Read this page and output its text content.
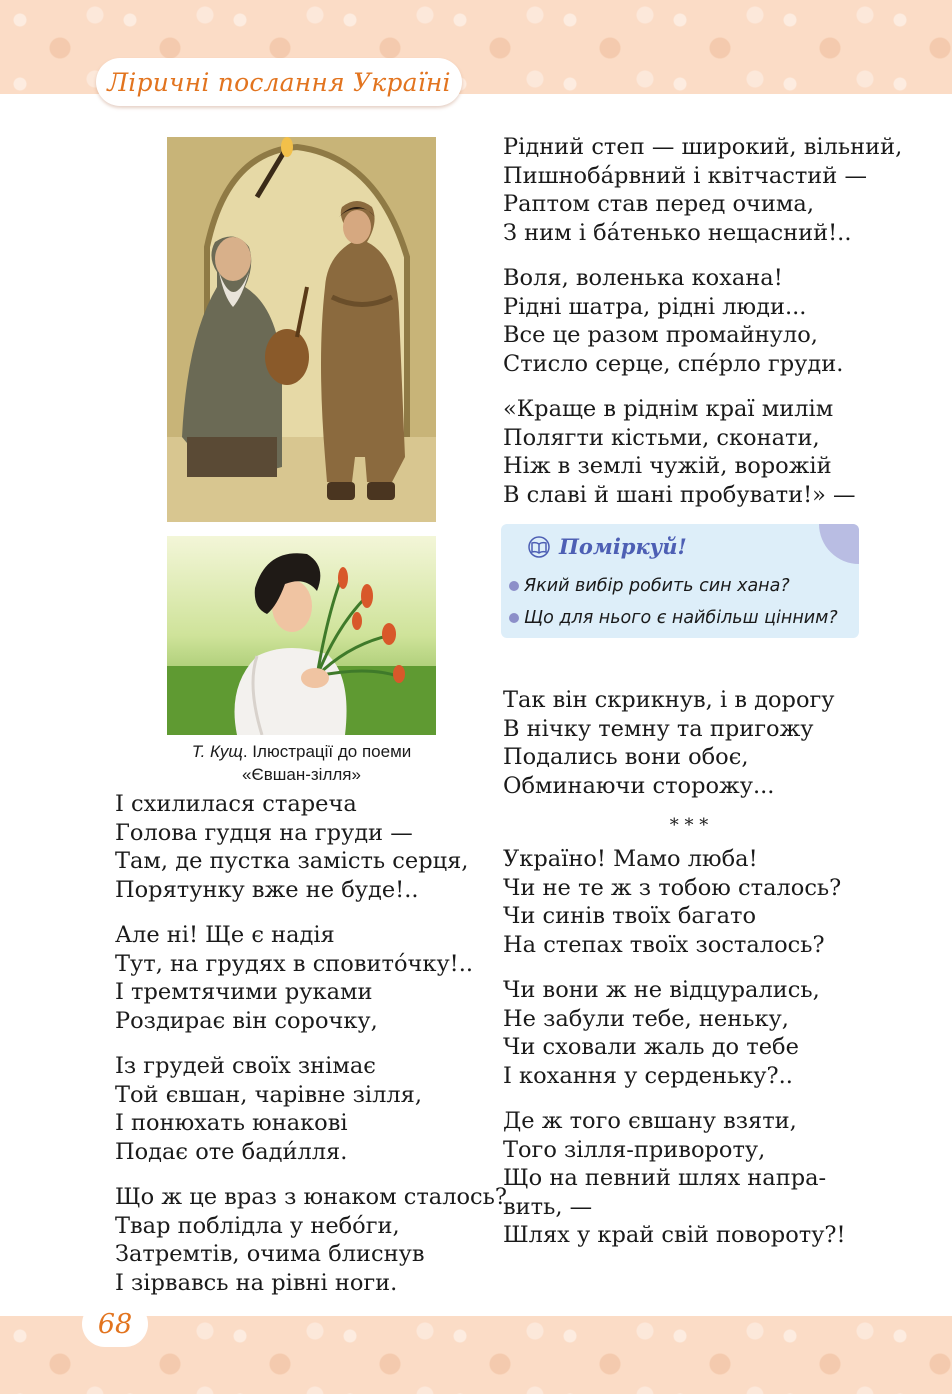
Ліричні послання Україні
Т. Кущ. Ілюстрації до поеми «Євшан-зілля»
І схилилася стареча
Голова гудця на груди —
Там, де пустка замість серця,
Порятунку вже не буде!..
Але ні! Ще є надія
Тут, на грудях в сповито́чку!..
І тремтячими руками
Роздирає він сорочку,
Із грудей своїх знімає
Той євшан, чарівне зілля,
І понюхать юнакові
Подає оте бади́лля.
Що ж це враз з юнаком сталось?
Твар поблідла у небо́ги,
Затремтів, очима блиснув
І зірвавсь на рівні ноги.
Рідний степ — широкий, вільний,
Пишноба́рвний і квітчастий —
Раптом став перед очима,
З ним і ба́тенько нещасний!..
Воля, воленька кохана!
Рідні шатра, рідні люди...
Все це разом промайнуло,
Стисло серце, спе́рло груди.
«Краще в ріднім краї милім
Полягти кістьми, сконати,
Ніж в землі чужій, ворожій
В славі й шані пробувати!» —
Поміркуй!
Який вибір робить син хана?
Що для нього є найбільш цінним?
Так він скрикнув, і в дорогу
В нічку темну та пригожу
Подались вони обоє,
Обминаючи сторожу...
* * *
Україно! Мамо люба!
Чи не те ж з тобою сталось?
Чи синів твоїх багато
На степах твоїх зосталось?
Чи вони ж не відцурались,
Не забули тебе, неньку,
Чи сховали жаль до тебе
І кохання у серденьку?..
Де ж того євшану взяти,
Того зілля-привороту,
Що на певний шлях напра-
вить, —
Шлях у край свій повороту?!
68
